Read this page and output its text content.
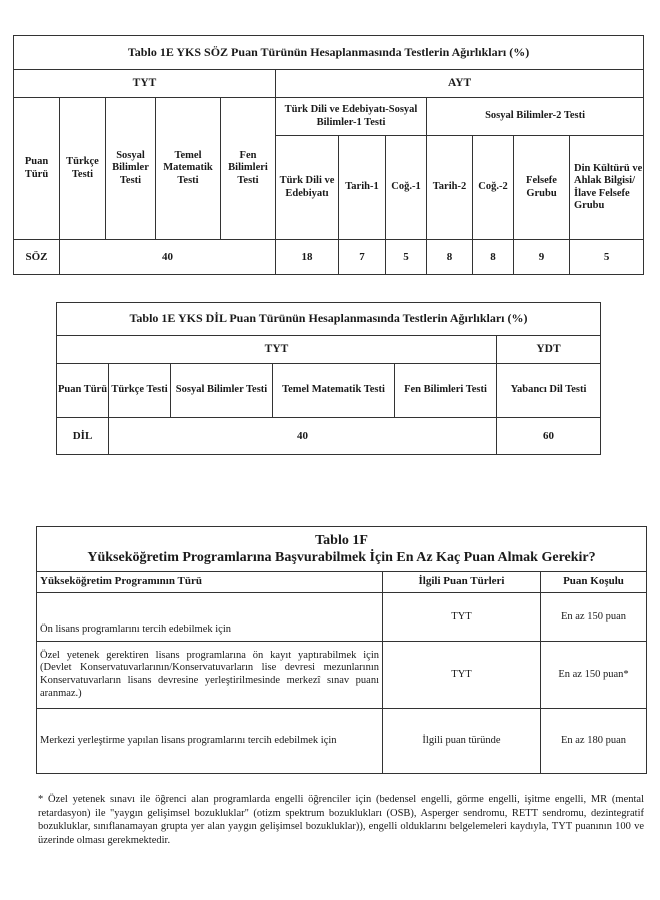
Tablo 1E YKS SÖZ Puan Türünün Hesaplanmasında Testlerin Ağırlıkları (%)											
TYT					AYT						
Puan Türü	Türkçe Testi	Sosyal Bilimler Testi	Temel Matematik Testi	Fen Bilimleri Testi	Türk Dili ve Edebiyatı-Sosyal Bilimler-1 Testi			Sosyal Bilimler-2 Testi			
					Türk Dili ve Edebiyatı	Tarih-1	Coğ.-1	Tarih-2	Coğ.-2	Felsefe Grubu	Din Kültürü ve Ahlak Bilgisi/İlave Felsefe Grubu
SÖZ	40				18	7	5	8	8	9	5
Tablo 1E YKS DİL Puan Türünün Hesaplanmasında Testlerin Ağırlıkları (%)					
TYT					YDT
Puan Türü	Türkçe Testi	Sosyal Bilimler Testi	Temel Matematik Testi	Fen Bilimleri Testi	Yabancı Dil Testi
DİL	40				60
Tablo 1F
Yükseköğretim Programlarına Başvurabilmek İçin En Az Kaç Puan Almak Gerekir?		

Yükseköğretim Programının Türü	İlgili Puan Türleri	Puan Koşulu
Ön lisans programlarını tercih edebilmek için	TYT	En az 150 puan
Özel yetenek gerektiren lisans programlarına ön kayıt yaptırabilmek için (Devlet Konservatuvarlarının/Konservatuvarların lise devresi mezunlarının Konservatuvarların lisans devresine yerleştirilmesinde merkezî sınav puanı aranmaz.)	TYT	En az 150 puan*
Merkezi yerleştirme yapılan lisans programlarını tercih edebilmek için	İlgili puan türünde	En az 180 puan
* Özel yetenek sınavı ile öğrenci alan programlarda engelli öğrenciler için (bedensel engelli, görme engelli, işitme engelli, MR (mental retardasyon) ile "yaygın gelişimsel bozukluklar" (otizm spektrum bozuklukları (OSB), Asperger sendromu, RETT sendromu, dezintegratif bozukluklar, sınıflanamayan grupta yer alan yaygın gelişimsel bozukluklar)), engelli olduklarını belgelemeleri kaydıyla, TYT puanının 100 ve üzerinde olması gerekmektedir.
